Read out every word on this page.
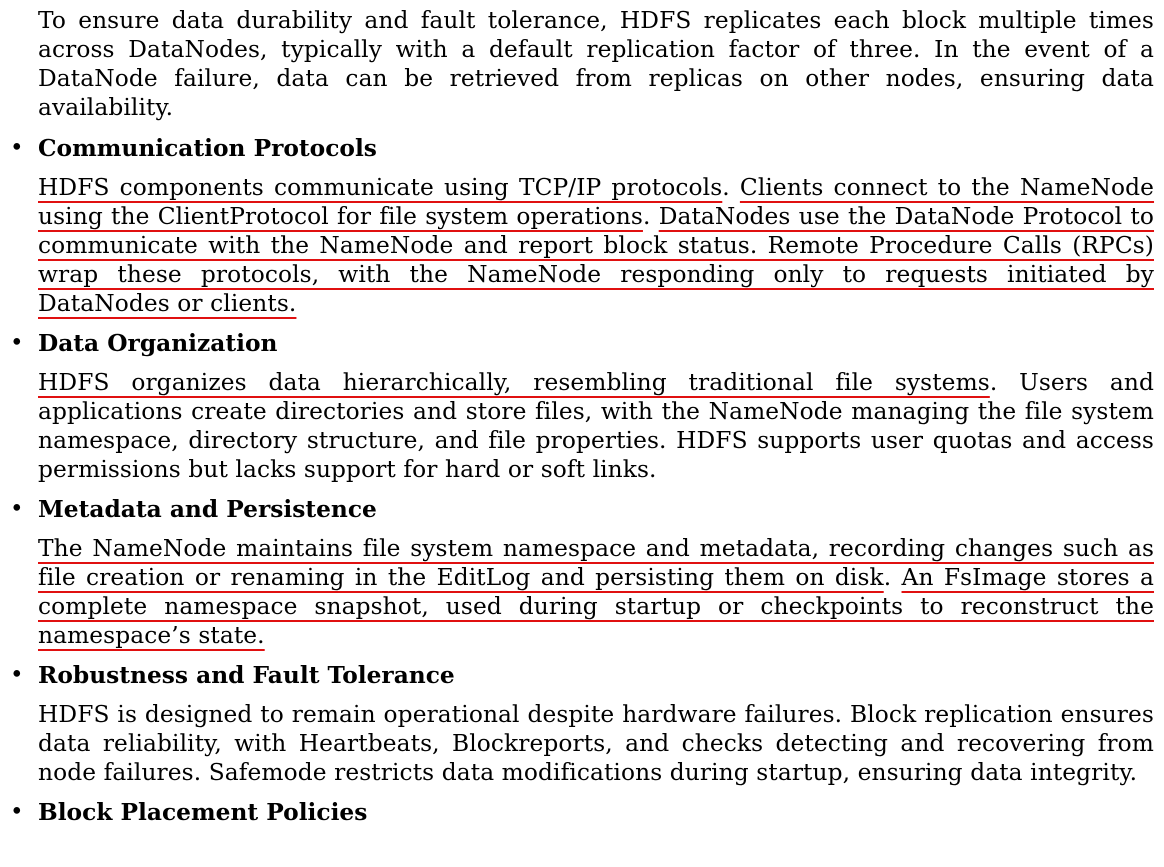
To ensure data durability and fault tolerance, HDFS replicates each block multiple times across DataNodes, typically with a default replication factor of three. In the event of a DataNode failure, data can be retrieved from replicas on other nodes, ensuring data availability.

• Communication Protocols

HDFS components communicate using TCP/IP protocols. Clients connect to the NameNode using the ClientProtocol for file system operations. DataNodes use the DataNode Protocol to communicate with the NameNode and report block status. Remote Procedure Calls (RPCs) wrap these protocols, with the NameNode responding only to requests initiated by DataNodes or clients.

• Data Organization

HDFS organizes data hierarchically, resembling traditional file systems. Users and applications create directories and store files, with the NameNode managing the file system namespace, directory structure, and file properties. HDFS supports user quotas and access permissions but lacks support for hard or soft links.

• Metadata and Persistence

The NameNode maintains file system namespace and metadata, recording changes such as file creation or renaming in the EditLog and persisting them on disk. An FsImage stores a complete namespace snapshot, used during startup or checkpoints to reconstruct the namespace’s state.

• Robustness and Fault Tolerance

HDFS is designed to remain operational despite hardware failures. Block replication ensures data reliability, with Heartbeats, Blockreports, and checks detecting and recovering from node failures. Safemode restricts data modifications during startup, ensuring data integrity.

• Block Placement Policies
